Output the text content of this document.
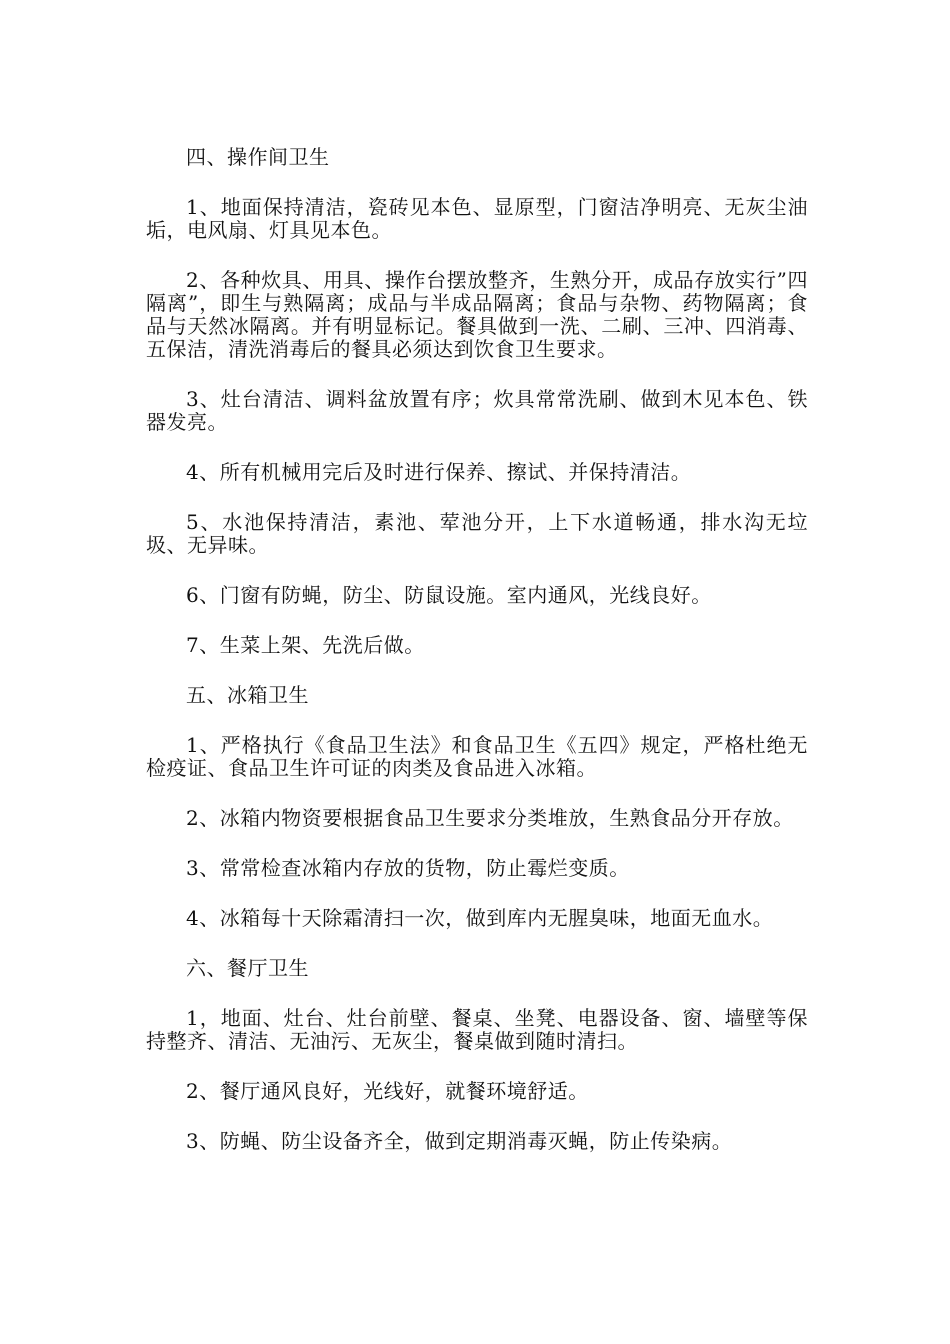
四、操作间卫生

1、地面保持清洁，瓷砖见本色、显原型，门窗洁净明亮、无灰尘油垢，电风扇、灯具见本色。

2、各种炊具、用具、操作台摆放整齐，生熟分开，成品存放实行”四隔离”，即生与熟隔离；成品与半成品隔离；食品与杂物、药物隔离；食品与天然冰隔离。并有明显标记。餐具做到一洗、二刷、三冲、四消毒、五保洁，清洗消毒后的餐具必须达到饮食卫生要求。

3、灶台清洁、调料盆放置有序；炊具常常洗刷、做到木见本色、铁器发亮。

4、所有机械用完后及时进行保养、擦试、并保持清洁。

5、水池保持清洁，素池、荤池分开，上下水道畅通，排水沟无垃圾、无异味。

6、门窗有防蝇，防尘、防鼠设施。室内通风，光线良好。

7、生菜上架、先洗后做。

五、冰箱卫生

1、严格执行《食品卫生法》和食品卫生《五四》规定，严格杜绝无检疫证、食品卫生许可证的肉类及食品进入冰箱。

2、冰箱内物资要根据食品卫生要求分类堆放，生熟食品分开存放。

3、常常检查冰箱内存放的货物，防止霉烂变质。

4、冰箱每十天除霜清扫一次，做到库内无腥臭味，地面无血水。

六、餐厅卫生

1，地面、灶台、灶台前壁、餐桌、坐凳、电器设备、窗、墙壁等保持整齐、清洁、无油污、无灰尘，餐桌做到随时清扫。

2、餐厅通风良好，光线好，就餐环境舒适。

3、防蝇、防尘设备齐全，做到定期消毒灭蝇，防止传染病。
